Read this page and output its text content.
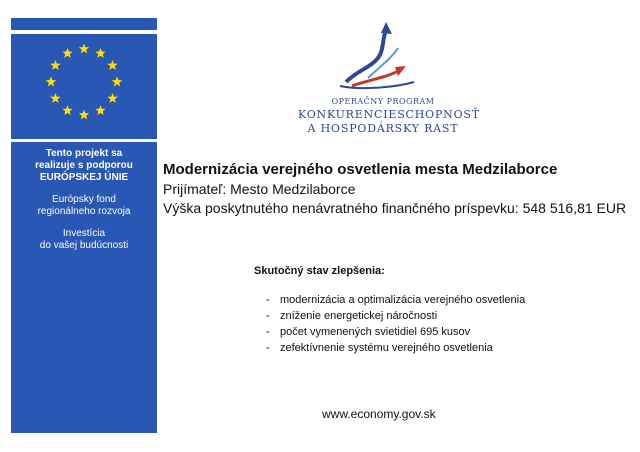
Tento projekt sa

realizuje s podporou

EURÓPSKEJ ÚNIE

Európsky fond

regionálneho rozvoja

Investícia

do vašej budúcnosti

OPERAČNÝ PROGRAM
KONKURENCIESCHOPNOSŤ
A HOSPODÁRSKY RAST

Modernizácia verejného osvetlenia mesta Medzilaborce

Prijímateľ: Mesto Medzilaborce

Výška poskytnutého nenávratného finančného príspevku: 548 516,81 EUR

Skutočný stav zlepšenia:

- modernizácia a optimalizácia verejného osvetlenia
- zníženie energetickej náročnosti
- počet vymenených svietidiel 695 kusov
- zefektívnenie systému verejného osvetlenia

www.economy.gov.sk
